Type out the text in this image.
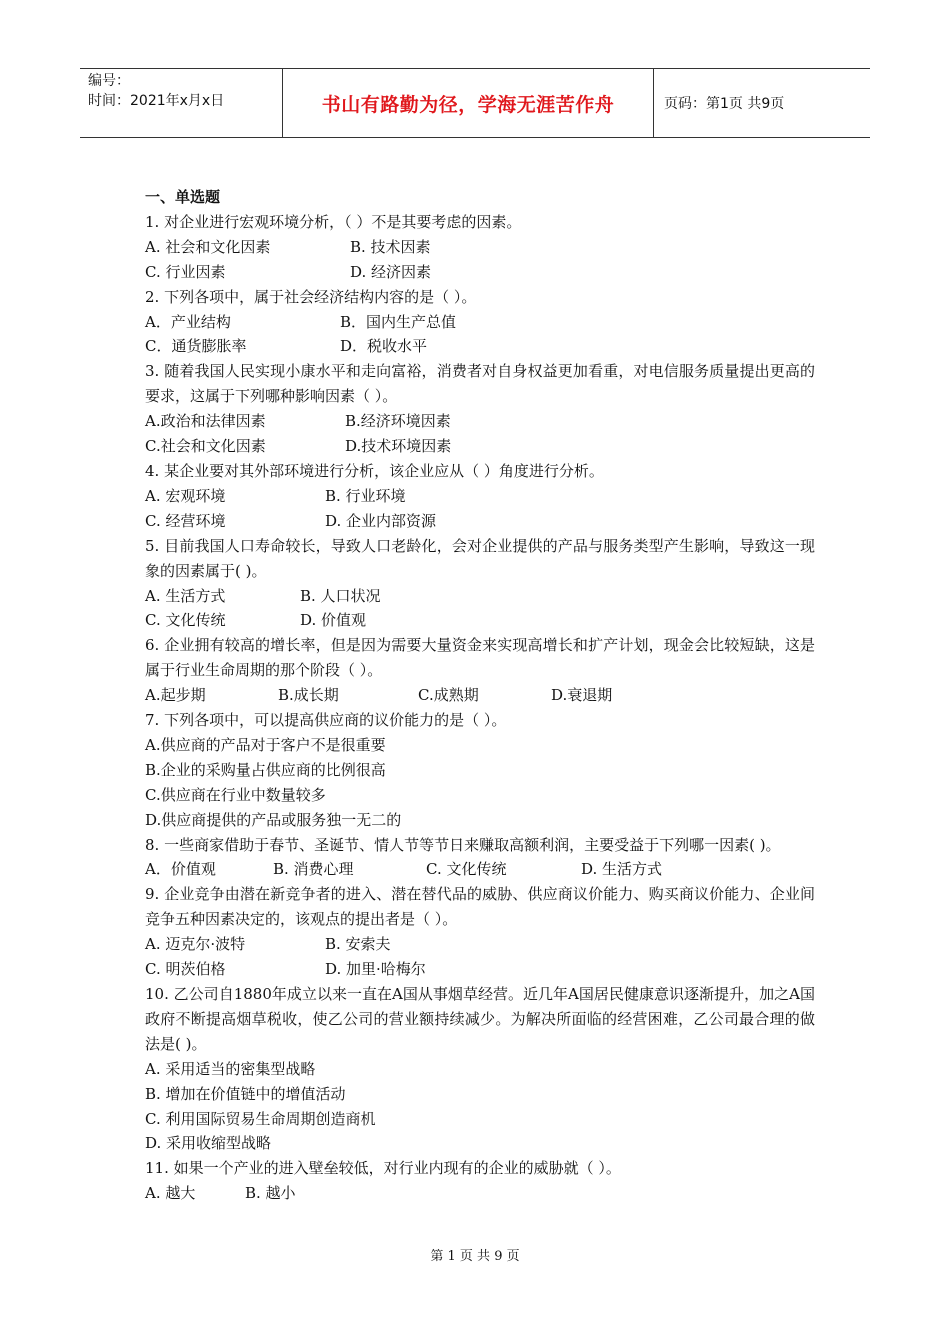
编号：
时间：2021年x月x日	书山有路勤为径，学海无涯苦作舟	页码：第1页 共9页
一、单选题
1. 对企业进行宏观环境分析，（ ）不是其要考虑的因素。
A. 社会和文化因素	B. 技术因素
C. 行业因素	D. 经济因素
2. 下列各项中，属于社会经济结构内容的是（ ）。
A．产业结构	B．国内生产总值
C．通货膨胀率	D．税收水平
3. 随着我国人民实现小康水平和走向富裕，消费者对自身权益更加看重，对电信服务质量提出更高的要求，这属于下列哪种影响因素（ ）。
A.政治和法律因素	B.经济环境因素
C.社会和文化因素	D.技术环境因素
4. 某企业要对其外部环境进行分析，该企业应从（ ）角度进行分析。
A. 宏观环境	B. 行业环境
C. 经营环境	D. 企业内部资源
5. 目前我国人口寿命较长，导致人口老龄化，会对企业提供的产品与服务类型产生影响，导致这一现象的因素属于( )。
A. 生活方式	B. 人口状况
C. 文化传统	D. 价值观
6. 企业拥有较高的增长率，但是因为需要大量资金来实现高增长和扩产计划，现金会比较短缺，这是属于行业生命周期的那个阶段（ ）。
A.起步期	B.成长期	C.成熟期	D.衰退期
7. 下列各项中，可以提高供应商的议价能力的是（ ）。
A.供应商的产品对于客户不是很重要
B.企业的采购量占供应商的比例很高
C.供应商在行业中数量较多
D.供应商提供的产品或服务独一无二的
8. 一些商家借助于春节、圣诞节、情人节等节日来赚取高额利润，主要受益于下列哪一因素( )。
A．价值观	B. 消费心理	C. 文化传统	D. 生活方式
9. 企业竞争由潜在新竞争者的进入、潜在替代品的威胁、供应商议价能力、购买商议价能力、企业间竞争五种因素决定的，该观点的提出者是（ ）。
A. 迈克尔·波特	B. 安索夫
C. 明茨伯格	D. 加里·哈梅尔
10. 乙公司自1880年成立以来一直在A国从事烟草经营。近几年A国居民健康意识逐渐提升，加之A国政府不断提高烟草税收，使乙公司的营业额持续减少。为解决所面临的经营困难，乙公司最合理的做法是( )。
A. 采用适当的密集型战略
B. 增加在价值链中的增值活动
C. 利用国际贸易生命周期创造商机
D. 采用收缩型战略
11. 如果一个产业的进入壁垒较低，对行业内现有的企业的威胁就（ ）。
A. 越大	B. 越小
第 1 页 共 9 页
